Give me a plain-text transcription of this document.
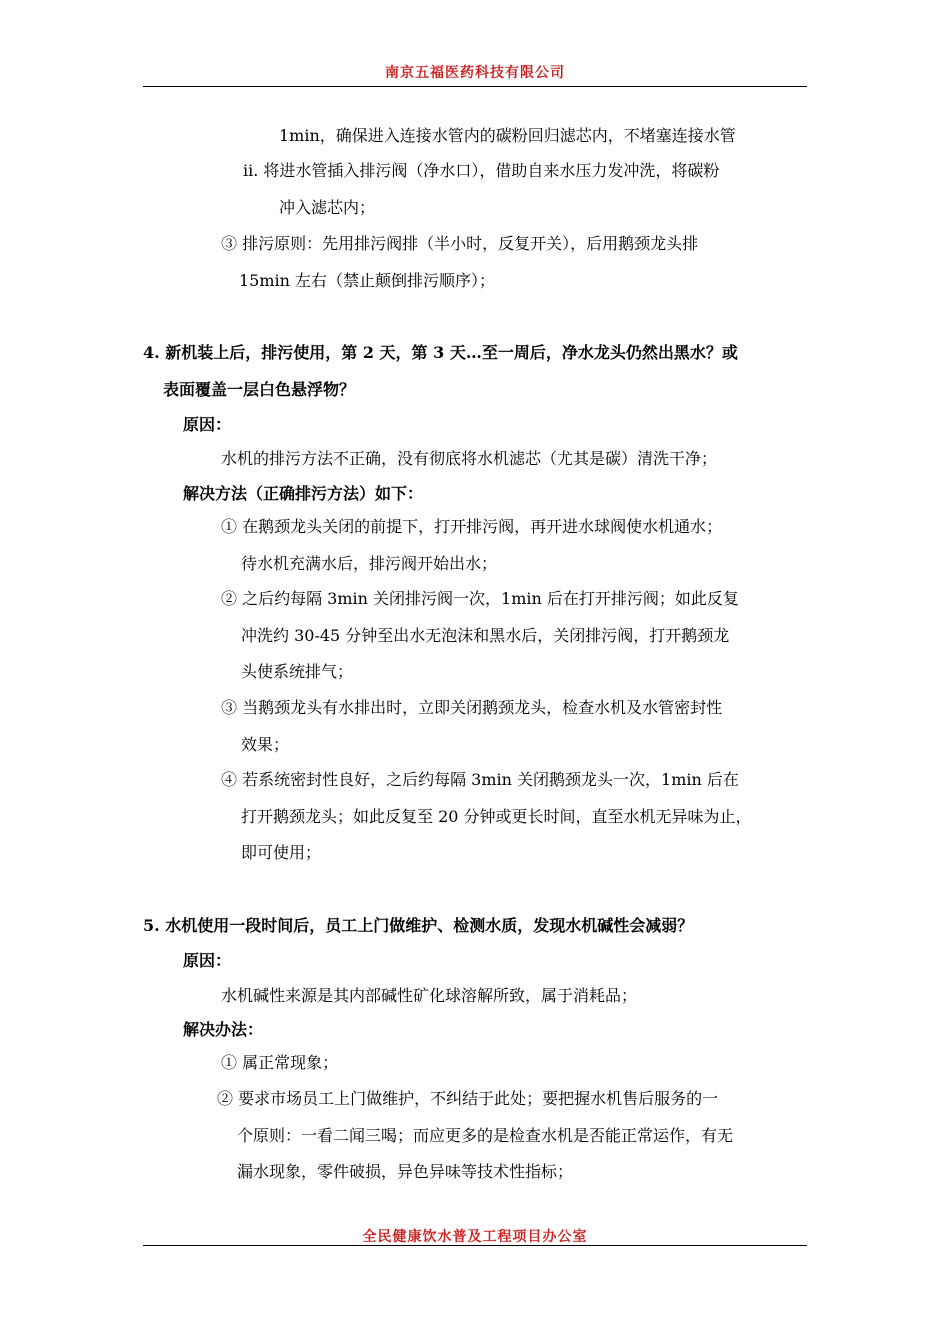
南京五福医药科技有限公司
1min，确保进入连接水管内的碳粉回归滤芯内，不堵塞连接水管
ⅱ. 将进水管插入排污阀（净水口），借助自来水压力发冲洗，将碳粉
冲入滤芯内；
③ 排污原则：先用排污阀排（半小时，反复开关），后用鹅颈龙头排
15min 左右（禁止颠倒排污顺序）；
4. 新机装上后，排污使用，第 2 天，第 3 天…至一周后，净水龙头仍然出黑水？或
表面覆盖一层白色悬浮物？
原因：
水机的排污方法不正确，没有彻底将水机滤芯（尤其是碳）清洗干净；
解决方法（正确排污方法）如下：
① 在鹅颈龙头关闭的前提下，打开排污阀，再开进水球阀使水机通水；
待水机充满水后，排污阀开始出水；
② 之后约每隔 3min 关闭排污阀一次，1min 后在打开排污阀；如此反复
冲洗约 30-45 分钟至出水无泡沫和黑水后，关闭排污阀，打开鹅颈龙
头使系统排气；
③ 当鹅颈龙头有水排出时，立即关闭鹅颈龙头，检查水机及水管密封性
效果；
④ 若系统密封性良好，之后约每隔 3min 关闭鹅颈龙头一次，1min 后在
打开鹅颈龙头；如此反复至 20 分钟或更长时间，直至水机无异味为止，
即可使用；
5. 水机使用一段时间后，员工上门做维护、检测水质，发现水机碱性会减弱？
原因：
水机碱性来源是其内部碱性矿化球溶解所致，属于消耗品；
解决办法：
① 属正常现象；
② 要求市场员工上门做维护，不纠结于此处；要把握水机售后服务的一
个原则：一看二闻三喝；而应更多的是检查水机是否能正常运作，有无
漏水现象，零件破损，异色异味等技术性指标；
全民健康饮水普及工程项目办公室
